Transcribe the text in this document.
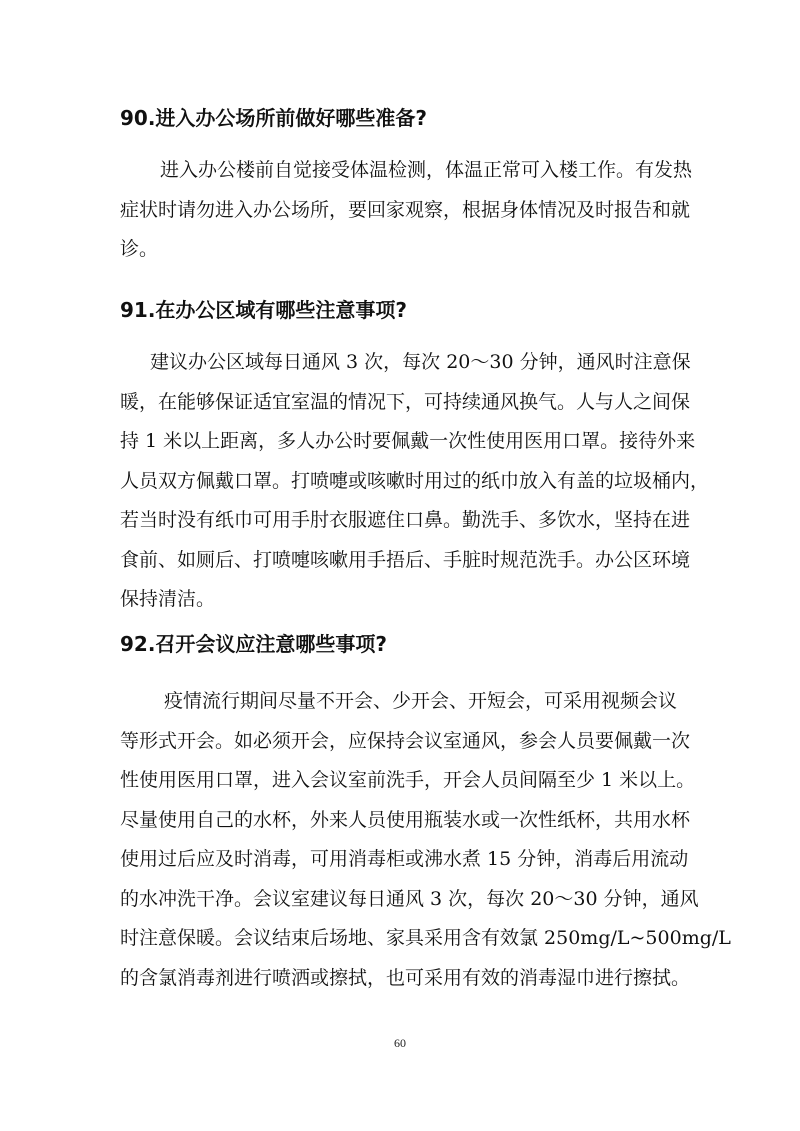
90.进入办公场所前做好哪些准备?
进入办公楼前自觉接受体温检测，体温正常可入楼工作。有发热
症状时请勿进入办公场所，要回家观察，根据身体情况及时报告和就
诊。
91.在办公区域有哪些注意事项?
建议办公区域每日通风 3 次，每次 20～30 分钟，通风时注意保
暖，在能够保证适宜室温的情况下，可持续通风换气。人与人之间保
持 1 米以上距离，多人办公时要佩戴一次性使用医用口罩。接待外来
人员双方佩戴口罩。打喷嚏或咳嗽时用过的纸巾放入有盖的垃圾桶内，
若当时没有纸巾可用手肘衣服遮住口鼻。勤洗手、多饮水，坚持在进
食前、如厕后、打喷嚏咳嗽用手捂后、手脏时规范洗手。办公区环境
保持清洁。
92.召开会议应注意哪些事项?
疫情流行期间尽量不开会、少开会、开短会，可采用视频会议
等形式开会。如必须开会，应保持会议室通风，参会人员要佩戴一次
性使用医用口罩，进入会议室前洗手，开会人员间隔至少 1 米以上。
尽量使用自己的水杯，外来人员使用瓶装水或一次性纸杯，共用水杯
使用过后应及时消毒，可用消毒柜或沸水煮 15 分钟，消毒后用流动
的水冲洗干净。会议室建议每日通风 3 次，每次 20～30 分钟，通风
时注意保暖。会议结束后场地、家具采用含有效氯 250mg/L~500mg/L
的含氯消毒剂进行喷洒或擦拭，也可采用有效的消毒湿巾进行擦拭。
60
